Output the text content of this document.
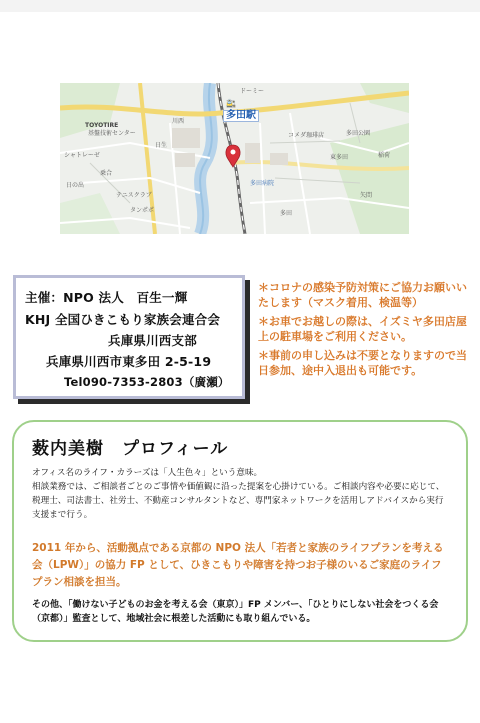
多田駅
🚉
TOYOTIRE
基盤技術センター
シャトレーゼ
日の出
タンポポ
川西
コメダ珈琲店
多田病院
多田公園
稲荷
テニスクラブ
日生
ドーミー
東多田
多田
矢問
乗合
主催：NPO 法人　百生一輝
KHJ 全国ひきこもり家族会連合会
兵庫県川西支部
兵庫県川西市東多田 2-5-19
Tel090-7353-2803（廣瀬）

＊コロナの感染予防対策にご協力お願いいたします（マスク着用、検温等）

＊お車でお越しの際は、イズミヤ多田店屋上の駐車場をご利用ください。

＊事前の申し込みは不要となりますので当日参加、途中入退出も可能です。

薮内美樹　プロフィール
オフィス名のライフ・カラーズは「人生色々」という意味。
相談業務では、ご相談者ごとのご事情や価値観に沿った提案を心掛けている。ご相談内容や必要に応じて、税理士、司法書士、社労士、不動産コンサルタントなど、専門家ネットワークを活用しアドバイスから実行支援まで行う。
2011 年から、活動拠点である京都の NPO 法人「若者と家族のライフプランを考える会（LPW）」の協力 FP として、ひきこもりや障害を持つお子様のいるご家庭のライフプラン相談を担当。
その他、「働けない子どものお金を考える会（東京）」FP メンバー、「ひとりにしない社会をつくる会（京都）」監査として、地域社会に根差した活動にも取り組んでいる。
